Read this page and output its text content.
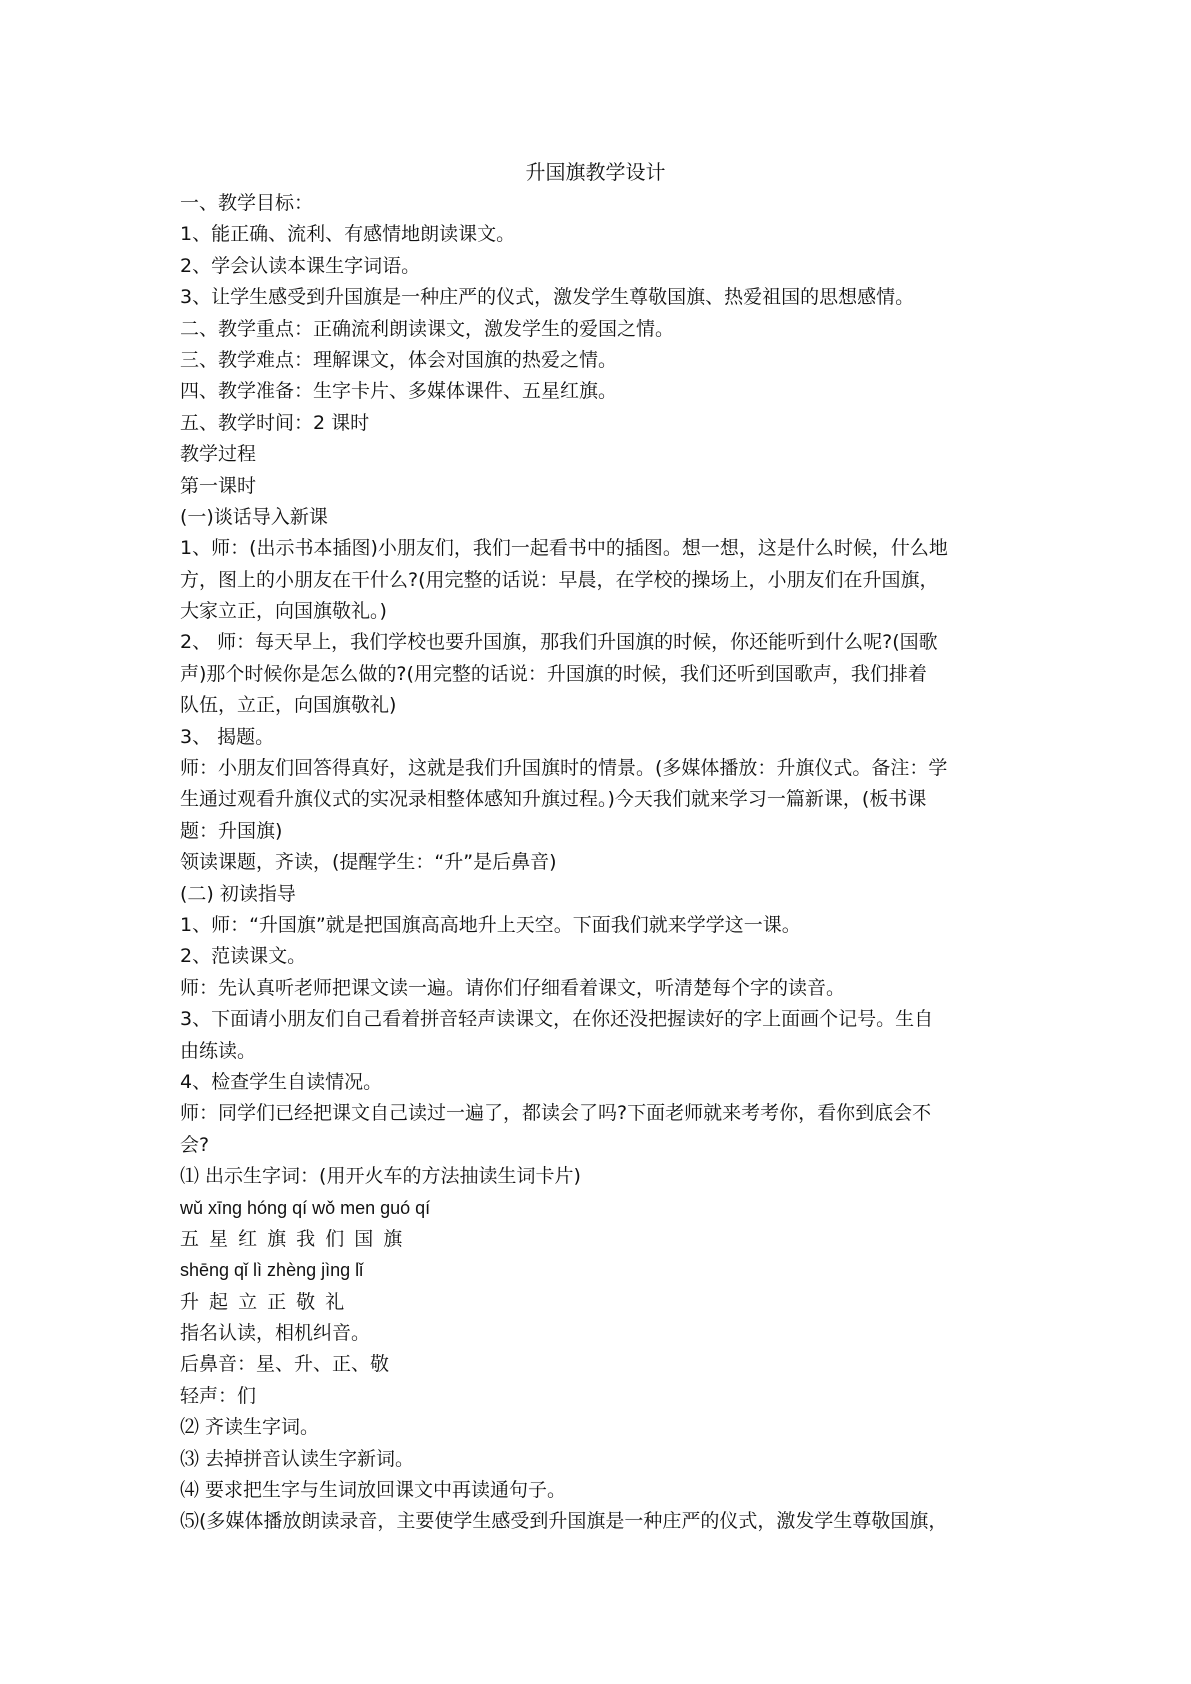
升国旗教学设计
一、教学目标：
1、能正确、流利、有感情地朗读课文。
2、学会认读本课生字词语。
3、让学生感受到升国旗是一种庄严的仪式，激发学生尊敬国旗、热爱祖国的思想感情。
二、教学重点：正确流利朗读课文，激发学生的爱国之情。
三、教学难点：理解课文，体会对国旗的热爱之情。
四、教学准备：生字卡片、多媒体课件、五星红旗。
五、教学时间：2 课时
教学过程
第一课时
(一)谈话导入新课
1、师：(出示书本插图)小朋友们，我们一起看书中的插图。想一想，这是什么时候，什么地
方，图上的小朋友在干什么?(用完整的话说：早晨，在学校的操场上，小朋友们在升国旗，
大家立正，向国旗敬礼。)
2、 师：每天早上，我们学校也要升国旗，那我们升国旗的时候，你还能听到什么呢?(国歌
声)那个时候你是怎么做的?(用完整的话说：升国旗的时候，我们还听到国歌声，我们排着
队伍，立正，向国旗敬礼)
3、 揭题。
师：小朋友们回答得真好，这就是我们升国旗时的情景。(多媒体播放：升旗仪式。备注：学
生通过观看升旗仪式的实况录相整体感知升旗过程。)今天我们就来学习一篇新课，(板书课
题：升国旗)
领读课题，齐读，(提醒学生：“升”是后鼻音)
(二) 初读指导
1、师：“升国旗”就是把国旗高高地升上天空。下面我们就来学学这一课。
2、范读课文。
师：先认真听老师把课文读一遍。请你们仔细看着课文，听清楚每个字的读音。
3、下面请小朋友们自己看着拼音轻声读课文，在你还没把握读好的字上面画个记号。生自
由练读。
4、检查学生自读情况。
师：同学们已经把课文自己读过一遍了，都读会了吗?下面老师就来考考你，看你到底会不
会?
⑴ 出示生字词：(用开火车的方法抽读生词卡片)
wǔ xīng hóng qí wǒ men guó qí
五 星 红 旗 我 们 国 旗
shēng qǐ lì zhèng jìng lǐ
升 起 立 正 敬 礼
指名认读，相机纠音。
后鼻音：星、升、正、敬
轻声：们
⑵ 齐读生字词。
⑶ 去掉拼音认读生字新词。
⑷ 要求把生字与生词放回课文中再读通句子。
⑸(多媒体播放朗读录音，主要使学生感受到升国旗是一种庄严的仪式，激发学生尊敬国旗，
